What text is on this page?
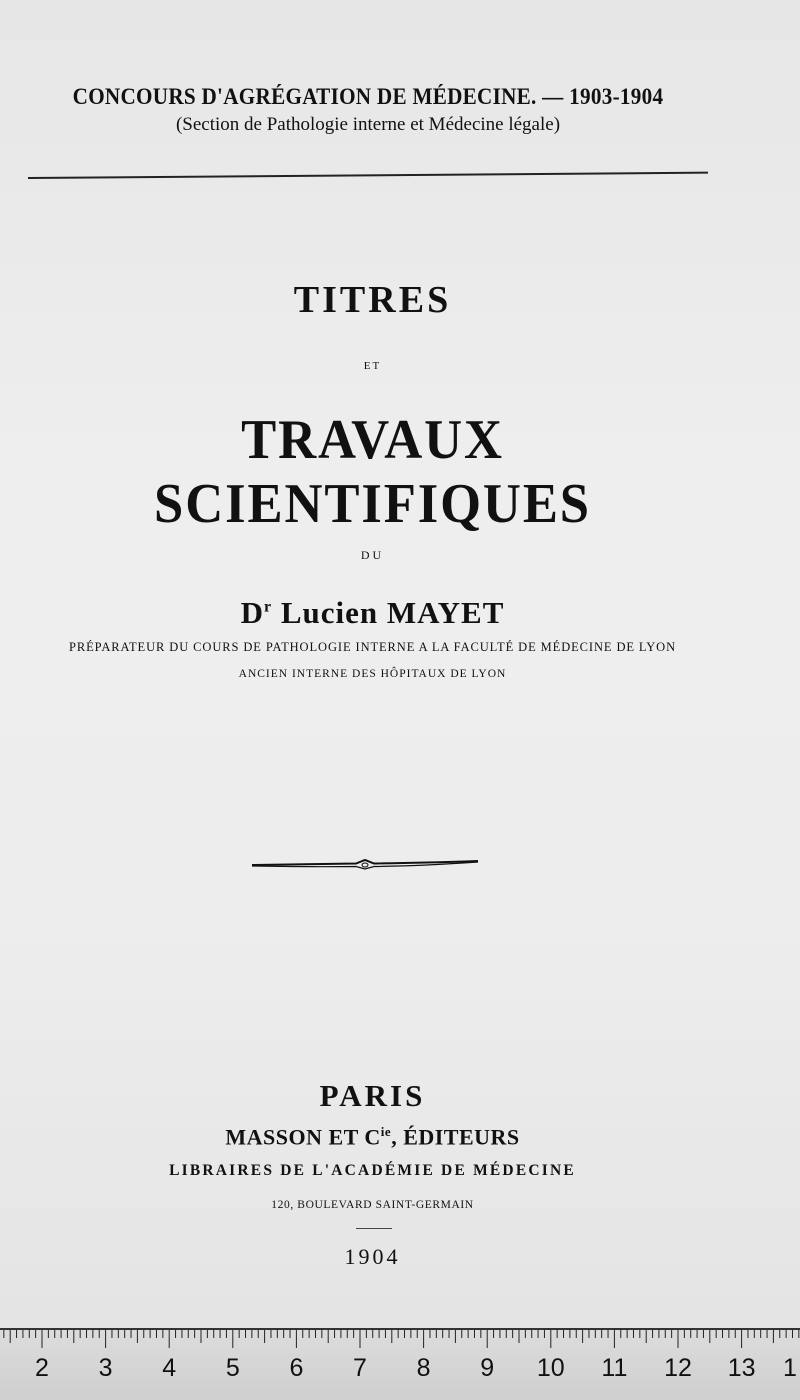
CONCOURS D'AGRÉGATION DE MÉDECINE. — 1903-1904
(Section de Pathologie interne et Médecine légale)
TITRES
ET
TRAVAUX SCIENTIFIQUES
DU
$D^r$ Lucien MAYET
PRÉPARATEUR DU COURS DE PATHOLOGIE INTERNE A LA FACULTÉ DE MÉDECINE DE LYON
ANCIEN INTERNE DES HÔPITAUX DE LYON
PARIS
MASSON ET $C^{ie}$, ÉDITEURS
LIBRAIRES DE L'ACADÉMIE DE MÉDECINE
120, BOULEVARD SAINT-GERMAIN
1904
2 3 4 5 6 7 8 9 10 11 12 13 1
